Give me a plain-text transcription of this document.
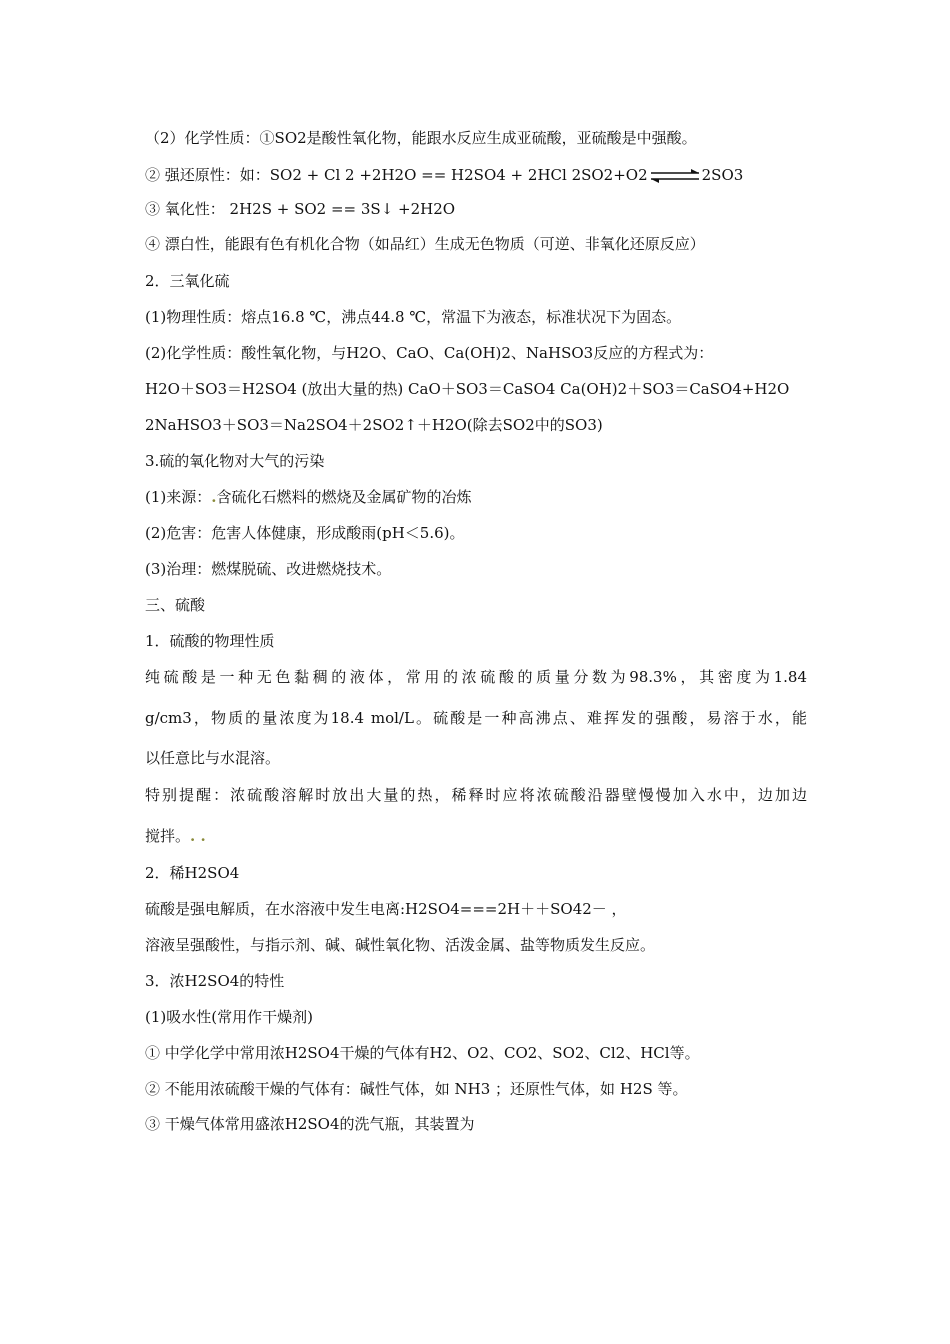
（2）化学性质：①SO2是酸性氧化物，能跟水反应生成亚硫酸，亚硫酸是中强酸。
② 强还原性：如：SO2 + Cl 2 +2H2O == H2SO4 + 2HCl 2SO2+O2⇌2SO3
③ 氧化性： 2H2S + SO2 == 3S↓ +2H2O
④ 漂白性，能跟有色有机化合物（如品红）生成无色物质（可逆、非氧化还原反应）
2．三氧化硫
(1)物理性质：熔点16.8 ℃，沸点44.8 ℃，常温下为液态，标准状况下为固态。
(2)化学性质：酸性氧化物，与H2O、CaO、Ca(OH)2、NaHSO3反应的方程式为：
H2O＋SO3＝H2SO4 (放出大量的热) CaO＋SO3＝CaSO4 Ca(OH)2＋SO3＝CaSO4+H2O
2NaHSO3＋SO3＝Na2SO4＋2SO2↑＋H2O(除去SO2中的SO3)
3.硫的氧化物对大气的污染
(1)来源：.含硫化石燃料的燃烧及金属矿物的冶炼
(2)危害：危害人体健康，形成酸雨(pH＜5.6)。
(3)治理：燃煤脱硫、改进燃烧技术。
三、硫酸
1．硫酸的物理性质
纯硫酸是一种无色黏稠的液体，常用的浓硫酸的质量分数为98.3%，其密度为1.84
g/cm3，物质的量浓度为18.4 mol/L。硫酸是一种高沸点、难挥发的强酸，易溶于水，能
以任意比与水混溶。
特别提醒：浓硫酸溶解时放出大量的热，稀释时应将浓硫酸沿器壁慢慢加入水中，边加边
搅拌。. .
2．稀H2SO4
硫酸是强电解质，在水溶液中发生电离:H2SO4===2H＋＋SO42－ ，
溶液呈强酸性，与指示剂、碱、碱性氧化物、活泼金属、盐等物质发生反应。
3．浓H2SO4的特性
(1)吸水性(常用作干燥剂)
① 中学化学中常用浓H2SO4干燥的气体有H2、O2、CO2、SO2、Cl2、HCl等。
② 不能用浓硫酸干燥的气体有：碱性气体，如 NH3 ；还原性气体，如 H2S 等。
③ 干燥气体常用盛浓H2SO4的洗气瓶，其装置为
